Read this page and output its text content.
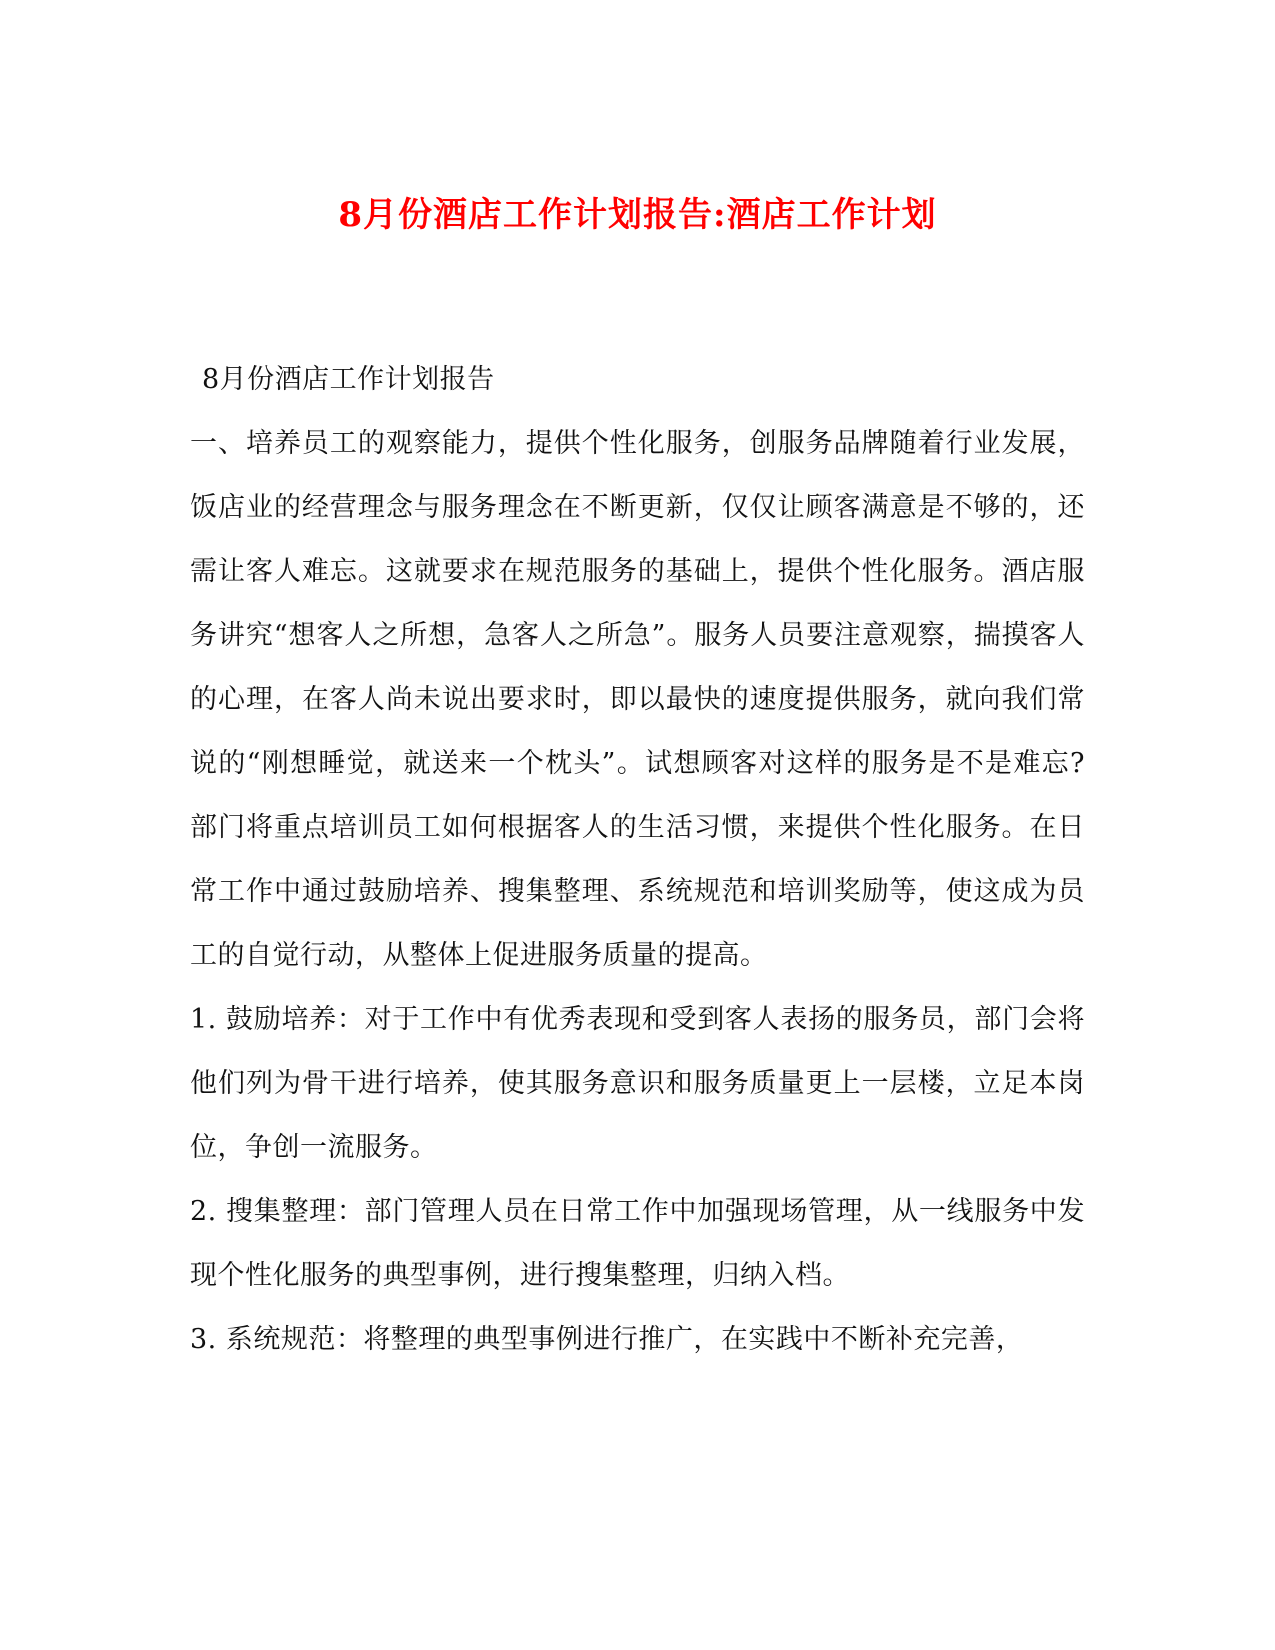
8月份酒店工作计划报告:酒店工作计划

8月份酒店工作计划报告

一、培养员工的观察能力，提供个性化服务，创服务品牌随着行业发展，饭店业的经营理念与服务理念在不断更新，仅仅让顾客满意是不够的，还需让客人难忘。这就要求在规范服务的基础上，提供个性化服务。酒店服务讲究“想客人之所想，急客人之所急”。服务人员要注意观察，揣摸客人的心理，在客人尚未说出要求时，即以最快的速度提供服务，就向我们常说的“刚想睡觉，就送来一个枕头”。试想顾客对这样的服务是不是难忘?部门将重点培训员工如何根据客人的生活习惯，来提供个性化服务。在日常工作中通过鼓励培养、搜集整理、系统规范和培训奖励等，使这成为员工的自觉行动，从整体上促进服务质量的提高。

1. 鼓励培养：对于工作中有优秀表现和受到客人表扬的服务员，部门会将他们列为骨干进行培养，使其服务意识和服务质量更上一层楼，立足本岗位，争创一流服务。

2. 搜集整理：部门管理人员在日常工作中加强现场管理，从一线服务中发现个性化服务的典型事例，进行搜集整理，归纳入档。

3. 系统规范：将整理的典型事例进行推广，在实践中不断补充完善，
